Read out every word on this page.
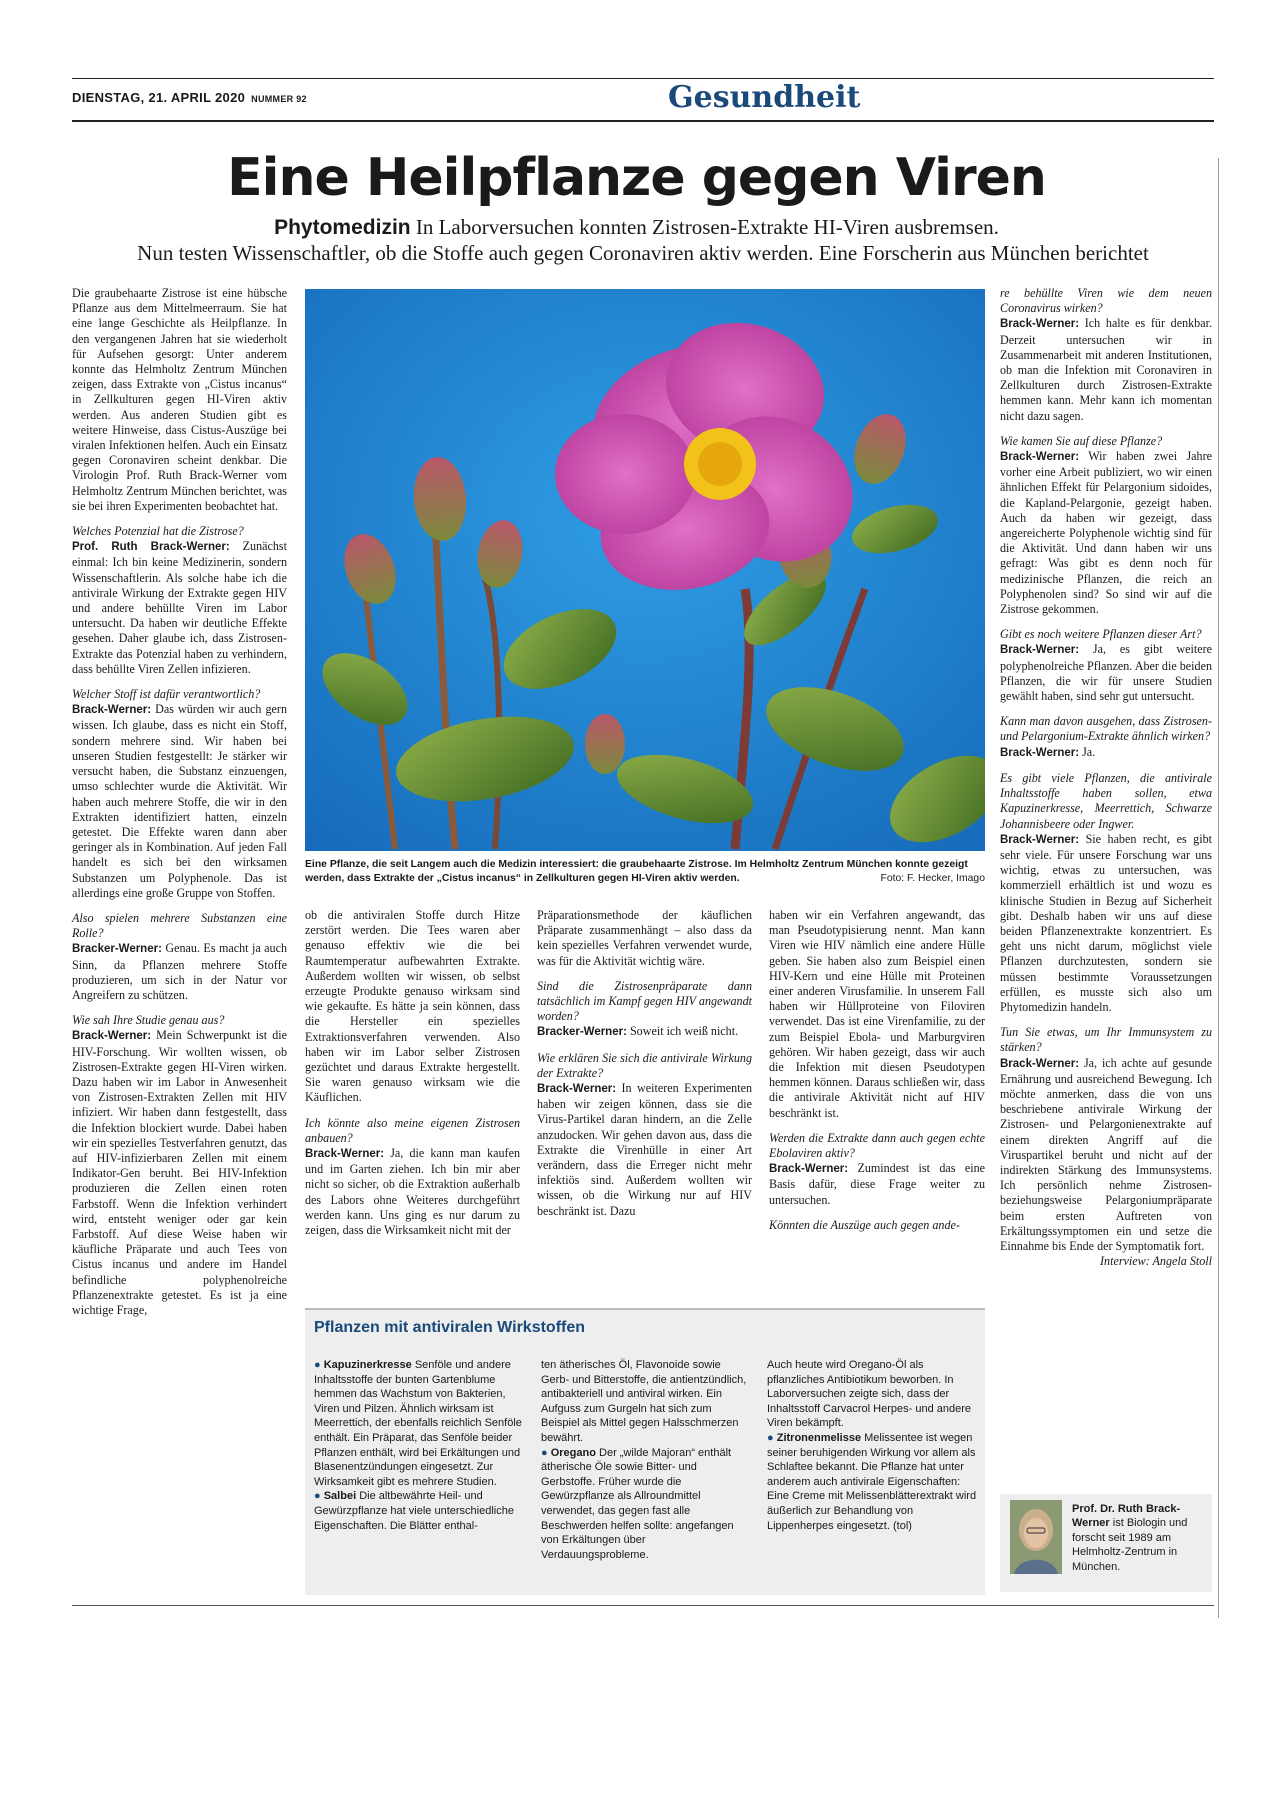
DIENSTAG, 21. APRIL 2020 NUMMER 92	Gesundheit
Eine Heilpflanze gegen Viren
Phytomedizin In Laborversuchen konnten Zistrosen-Extrakte HI-Viren ausbremsen.
Nun testen Wissenschaftler, ob die Stoffe auch gegen Coronaviren aktiv werden. Eine Forscherin aus München berichtet

Die graubehaarte Zistrose ist eine hübsche Pflanze aus dem Mittelmeerraum. Sie hat eine lange Geschichte als Heilpflanze. In den vergangenen Jahren hat sie wiederholt für Aufsehen gesorgt: Unter anderem konnte das Helmholtz Zentrum München zeigen, dass Extrakte von „Cistus incanus“ in Zellkulturen gegen HI-Viren aktiv werden. Aus anderen Studien gibt es weitere Hinweise, dass Cistus-Auszüge bei viralen Infektionen helfen. Auch ein Einsatz gegen Coronaviren scheint denkbar. Die Virologin Prof. Ruth Brack-Werner vom Helmholtz Zentrum München berichtet, was sie bei ihren Experimenten beobachtet hat.

Welches Potenzial hat die Zistrose?
Prof. Ruth Brack-Werner: Zunächst einmal: Ich bin keine Medizinerin, sondern Wissenschaftlerin. Als solche habe ich die antivirale Wirkung der Extrakte gegen HIV und andere behüllte Viren im Labor untersucht. Da haben wir deutliche Effekte gesehen. Daher glaube ich, dass Zistrosen-Extrakte das Potenzial haben zu verhindern, dass behüllte Viren Zellen infizieren.

Welcher Stoff ist dafür verantwortlich?
Brack-Werner: Das würden wir auch gern wissen. Ich glaube, dass es nicht ein Stoff, sondern mehrere sind. Wir haben bei unseren Studien festgestellt: Je stärker wir versucht haben, die Substanz einzuengen, umso schlechter wurde die Aktivität. Wir haben auch mehrere Stoffe, die wir in den Extrakten identifiziert hatten, einzeln getestet. Die Effekte waren dann aber geringer als in Kombination. Auf jeden Fall handelt es sich bei den wirksamen Substanzen um Polyphenole. Das ist allerdings eine große Gruppe von Stoffen.

Also spielen mehrere Substanzen eine Rolle?
Bracker-Werner: Genau. Es macht ja auch Sinn, da Pflanzen mehrere Stoffe produzieren, um sich in der Natur vor Angreifern zu schützen.

Wie sah Ihre Studie genau aus?
Brack-Werner: Mein Schwerpunkt ist die HIV-Forschung. Wir wollten wissen, ob Zistrosen-Extrakte gegen HI-Viren wirken. Dazu haben wir im Labor in Anwesenheit von Zistrosen-Extrakten Zellen mit HIV infiziert. Wir haben dann festgestellt, dass die Infektion blockiert wurde. Dabei haben wir ein spezielles Testverfahren genutzt, das auf HIV-infizierbaren Zellen mit einem Indikator-Gen beruht. Bei HIV-Infektion produzieren die Zellen einen roten Farbstoff. Wenn die Infektion verhindert wird, entsteht weniger oder gar kein Farbstoff. Auf diese Weise haben wir käufliche Präparate und auch Tees von Cistus incanus und andere im Handel befindliche polyphenolreiche Pflanzenextrakte getestet. Es ist ja eine wichtige Frage,

Eine Pflanze, die seit Langem auch die Medizin interessiert: die graubehaarte Zistrose. Im Helmholtz Zentrum München konnte gezeigt werden, dass Extrakte der „Cistus incanus“ in Zellkulturen gegen HI-Viren aktiv werden.	Foto: F. Hecker, Imago

ob die antiviralen Stoffe durch Hitze zerstört werden. Die Tees waren aber genauso effektiv wie die bei Raumtemperatur aufbewahrten Extrakte. Außerdem wollten wir wissen, ob selbst erzeugte Produkte genauso wirksam sind wie gekaufte. Es hätte ja sein können, dass die Hersteller ein spezielles Extraktionsverfahren verwenden. Also haben wir im Labor selber Zistrosen gezüchtet und daraus Extrakte hergestellt. Sie waren genauso wirksam wie die Käuflichen.

Ich könnte also meine eigenen Zistrosen anbauen?
Brack-Werner: Ja, die kann man kaufen und im Garten ziehen. Ich bin mir aber nicht so sicher, ob die Extraktion außerhalb des Labors ohne Weiteres durchgeführt werden kann. Uns ging es nur darum zu zeigen, dass die Wirksamkeit nicht mit der

Präparationsmethode der käuflichen Präparate zusammenhängt – also dass da kein spezielles Verfahren verwendet wurde, was für die Aktivität wichtig wäre.

Sind die Zistrosenpräparate dann tatsächlich im Kampf gegen HIV angewandt worden?
Bracker-Werner: Soweit ich weiß nicht.

Wie erklären Sie sich die antivirale Wirkung der Extrakte?
Brack-Werner: In weiteren Experimenten haben wir zeigen können, dass sie die Virus-Partikel daran hindern, an die Zelle anzudocken. Wir gehen davon aus, dass die Extrakte die Virenhülle in einer Art verändern, dass die Erreger nicht mehr infektiös sind. Außerdem wollten wir wissen, ob die Wirkung nur auf HIV beschränkt ist. Dazu

haben wir ein Verfahren angewandt, das man Pseudotypisierung nennt. Man kann Viren wie HIV nämlich eine andere Hülle geben. Sie haben also zum Beispiel einen HIV-Kern und eine Hülle mit Proteinen einer anderen Virusfamilie. In unserem Fall haben wir Hüllproteine von Filoviren verwendet. Das ist eine Virenfamilie, zu der zum Beispiel Ebola- und Marburgviren gehören. Wir haben gezeigt, dass wir auch die Infektion mit diesen Pseudotypen hemmen können. Daraus schließen wir, dass die antivirale Aktivität nicht auf HIV beschränkt ist.

Werden die Extrakte dann auch gegen echte Ebolaviren aktiv?
Brack-Werner: Zumindest ist das eine Basis dafür, diese Frage weiter zu untersuchen.

Könnten die Auszüge auch gegen ande-

re behüllte Viren wie dem neuen Coronavirus wirken?
Brack-Werner: Ich halte es für denkbar. Derzeit untersuchen wir in Zusammenarbeit mit anderen Institutionen, ob man die Infektion mit Coronaviren in Zellkulturen durch Zistrosen-Extrakte hemmen kann. Mehr kann ich momentan nicht dazu sagen.

Wie kamen Sie auf diese Pflanze?
Brack-Werner: Wir haben zwei Jahre vorher eine Arbeit publiziert, wo wir einen ähnlichen Effekt für Pelargonium sidoides, die Kapland-Pelargonie, gezeigt haben. Auch da haben wir gezeigt, dass angereicherte Polyphenole wichtig sind für die Aktivität. Und dann haben wir uns gefragt: Was gibt es denn noch für medizinische Pflanzen, die reich an Polyphenolen sind? So sind wir auf die Zistrose gekommen.

Gibt es noch weitere Pflanzen dieser Art?
Brack-Werner: Ja, es gibt weitere polyphenolreiche Pflanzen. Aber die beiden Pflanzen, die wir für unsere Studien gewählt haben, sind sehr gut untersucht.

Kann man davon ausgehen, dass Zistrosen- und Pelargonium-Extrakte ähnlich wirken?
Brack-Werner: Ja.

Es gibt viele Pflanzen, die antivirale Inhaltsstoffe haben sollen, etwa Kapuzinerkresse, Meerrettich, Schwarze Johannisbeere oder Ingwer.
Brack-Werner: Sie haben recht, es gibt sehr viele. Für unsere Forschung war uns wichtig, etwas zu untersuchen, was kommerziell erhältlich ist und wozu es klinische Studien in Bezug auf Sicherheit gibt. Deshalb haben wir uns auf diese beiden Pflanzenextrakte konzentriert. Es geht uns nicht darum, möglichst viele Pflanzen durchzutesten, sondern sie müssen bestimmte Voraussetzungen erfüllen, es musste sich also um Phytomedizin handeln.

Tun Sie etwas, um Ihr Immunsystem zu stärken?
Brack-Werner: Ja, ich achte auf gesunde Ernährung und ausreichend Bewegung. Ich möchte anmerken, dass die von uns beschriebene antivirale Wirkung der Zistrosen- und Pelargonienextrakte auf einem direkten Angriff auf die Viruspartikel beruht und nicht auf der indirekten Stärkung des Immunsystems. Ich persönlich nehme Zistrosen- beziehungsweise Pelargoniumpräparate beim ersten Auftreten von Erkältungssymptomen ein und setze die Einnahme bis Ende der Symptomatik fort.
Interview: Angela Stoll

Pflanzen mit antiviralen Wirkstoffen
● Kapuzinerkresse Senföle und andere Inhaltsstoffe der bunten Gartenblume hemmen das Wachstum von Bakterien, Viren und Pilzen. Ähnlich wirksam ist Meerrettich, der ebenfalls reichlich Senföle enthält. Ein Präparat, das Senföle beider Pflanzen enthält, wird bei Erkältungen und Blasenentzündungen eingesetzt. Zur Wirksamkeit gibt es mehrere Studien.
● Salbei Die altbewährte Heil- und Gewürzpflanze hat viele unterschiedliche Eigenschaften. Die Blätter enthal-
ten ätherisches Öl, Flavonoide sowie Gerb- und Bitterstoffe, die antientzündlich, antibakteriell und antiviral wirken. Ein Aufguss zum Gurgeln hat sich zum Beispiel als Mittel gegen Halsschmerzen bewährt.
● Oregano Der „wilde Majoran“ enthält ätherische Öle sowie Bitter- und Gerbstoffe. Früher wurde die Gewürzpflanze als Allroundmittel verwendet, das gegen fast alle Beschwerden helfen sollte: angefangen von Erkältungen über Verdauungsprobleme.
Auch heute wird Oregano-Öl als pflanzliches Antibiotikum beworben. In Laborversuchen zeigte sich, dass der Inhaltsstoff Carvacrol Herpes- und andere Viren bekämpft.
● Zitronenmelisse Melissentee ist wegen seiner beruhigenden Wirkung vor allem als Schlaftee bekannt. Die Pflanze hat unter anderem auch antivirale Eigenschaften: Eine Creme mit Melissenblätterextrakt wird äußerlich zur Behandlung von Lippenherpes eingesetzt. (tol)
Prof. Dr. Ruth Brack-Werner ist Biologin und forscht seit 1989 am Helmholtz-Zentrum in München.
